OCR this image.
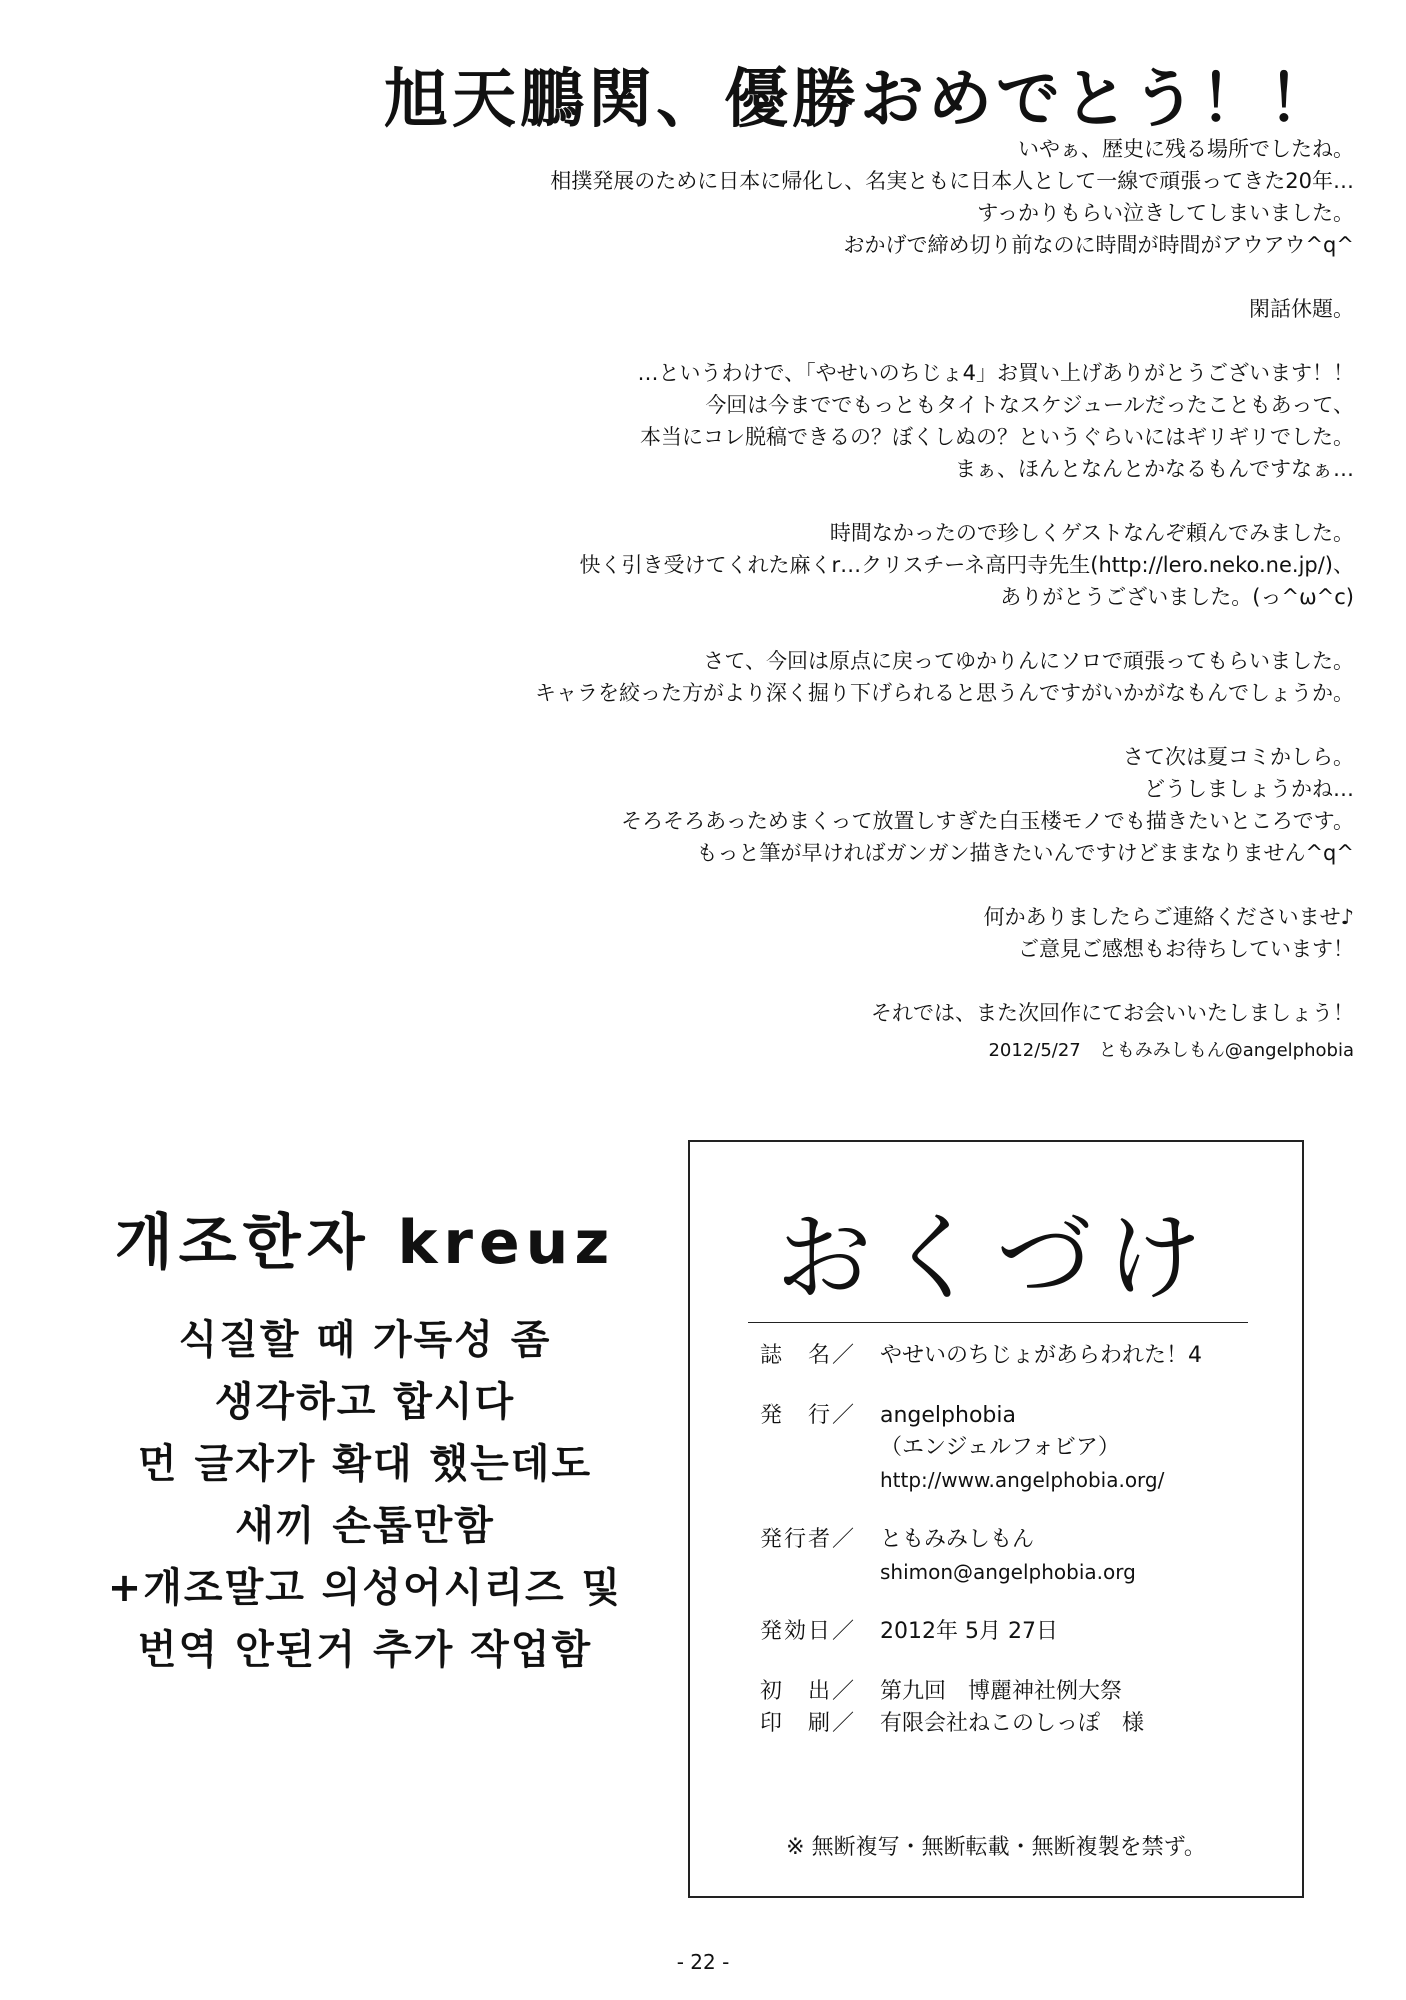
旭天鵬関、優勝おめでとう！！
いやぁ、歴史に残る場所でしたね。
相撲発展のために日本に帰化し、名実ともに日本人として一線で頑張ってきた20年…
すっかりもらい泣きしてしまいました。
おかげで締め切り前なのに時間が時間がアウアウ^q^
閑話休題。
…というわけで、「やせいのちじょ4」お買い上げありがとうございます！！
今回は今まででもっともタイトなスケジュールだったこともあって、
本当にコレ脱稿できるの？ぼくしぬの？というぐらいにはギリギリでした。
まぁ、ほんとなんとかなるもんですなぁ…
時間なかったので珍しくゲストなんぞ頼んでみました。
快く引き受けてくれた麻くr…クリスチーネ高円寺先生(http://lero.neko.ne.jp/)、
ありがとうございました。(っ^ω^c)
さて、今回は原点に戻ってゆかりんにソロで頑張ってもらいました。
キャラを絞った方がより深く掘り下げられると思うんですがいかがなもんでしょうか。
さて次は夏コミかしら。
どうしましょうかね…
そろそろあっためまくって放置しすぎた白玉楼モノでも描きたいところです。
もっと筆が早ければガンガン描きたいんですけどままなりません^q^
何かありましたらご連絡くださいませ♪
ご意見ご感想もお待ちしています！
それでは、また次回作にてお会いいたしましょう！
2012/5/27　ともみみしもん@angelphobia
개조한자 kreuz
식질할 때 가독성 좀
생각하고 합시다
먼 글자가 확대 했는데도
새끼 손톱만함
+개조말고 의성어시리즈 및
번역 안된거 추가 작업함
おくづけ
誌　名／	やせいのちじょがあらわれた！4
発　行／	angelphobia
（エンジェルフォビア）
http://www.angelphobia.org/
発行者／	ともみみしもん
shimon@angelphobia.org
発効日／	2012年 5月 27日
初　出／	第九回　博麗神社例大祭
印　刷／	有限会社ねこのしっぽ　様
※ 無断複写・無断転載・無断複製を禁ず。
- 22 -
